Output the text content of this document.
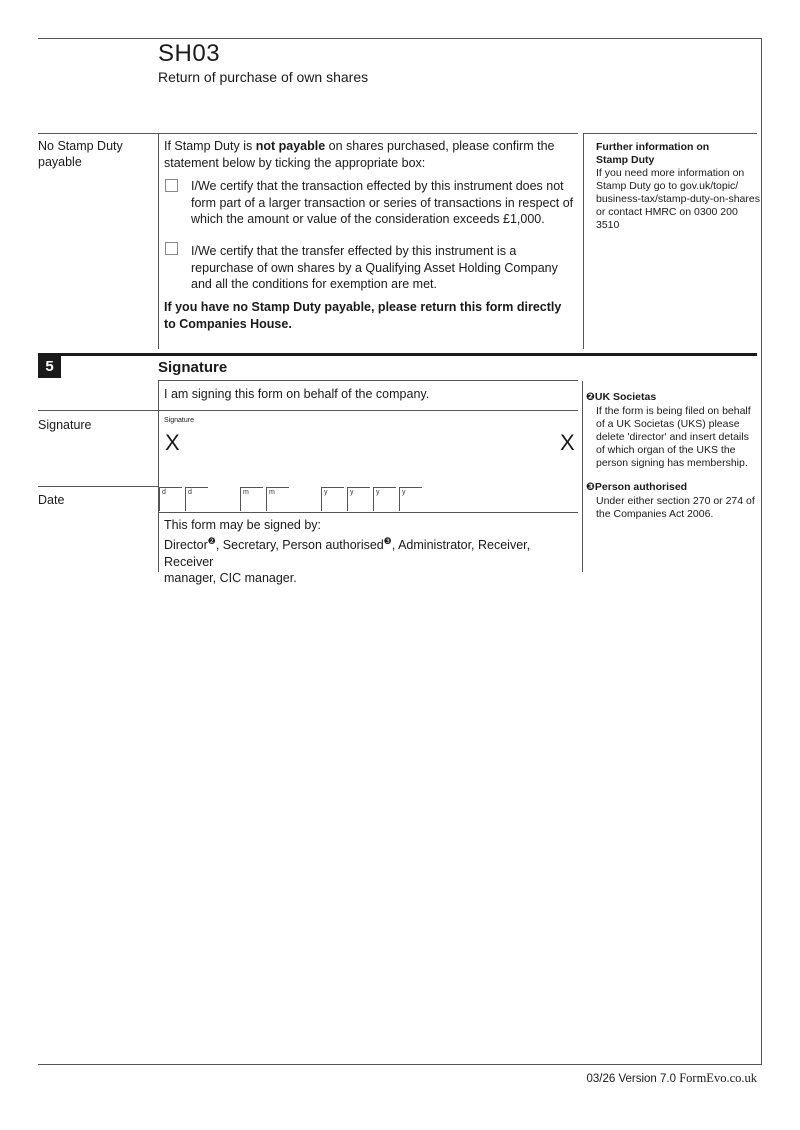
SH03
Return of purchase of own shares
No Stamp Duty payable
If Stamp Duty is not payable on shares purchased, please confirm the statement below by ticking the appropriate box:
I/We certify that the transaction effected by this instrument does not form part of a larger transaction or series of transactions in respect of which the amount or value of the consideration exceeds £1,000.
I/We certify that the transfer effected by this instrument is a repurchase of own shares by a Qualifying Asset Holding Company and all the conditions for exemption are met.
If you have no Stamp Duty payable, please return this form directly to Companies House.
Further information on Stamp Duty
If you need more information on Stamp Duty go to gov.uk/topic/ business-tax/stamp-duty-on-shares or contact HMRC on 0300 200 3510
5	Signature
I am signing this form on behalf of the company.
Signature	Signature
X	X
Date
d	d	m	m	y	y	y	y
This form may be signed by:
Director$^❷$, Secretary, Person authorised$^❸$, Administrator, Receiver, Receiver
manager, CIC manager.
❷UK Societas
If the form is being filed on behalf of a UK Societas (UKS) please delete 'director' and insert details of which organ of the UKS the person signing has membership.
❸Person authorised
Under either section 270 or 274 of the Companies Act 2006.
03/26 Version 7.0 FormEvo.co.uk
